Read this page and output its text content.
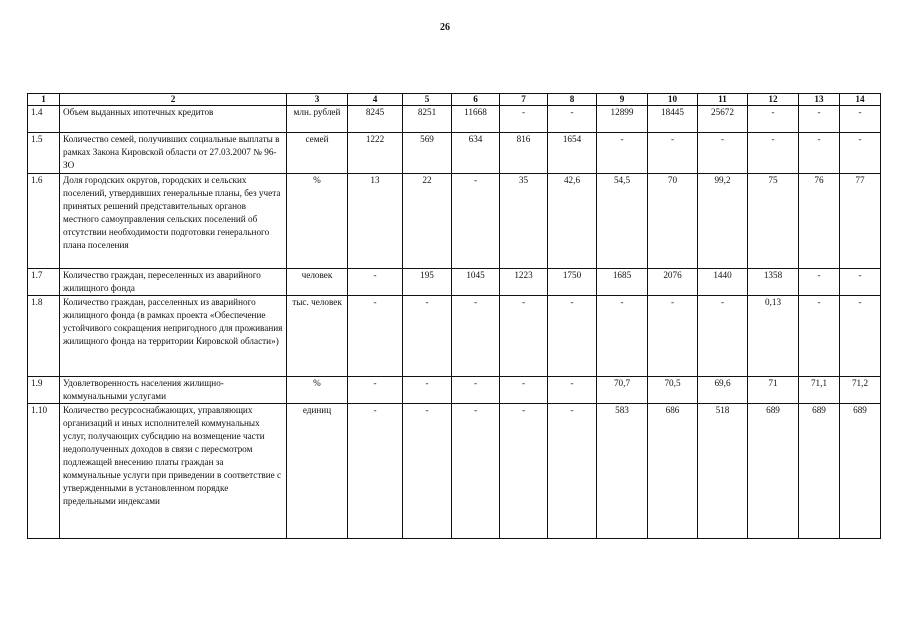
26
1	2	3	4	5	6	7	8	9	10	11	12	13	14
1.4	Объем выданных ипотечных кредитов	млн. рублей	8245	8251	11668	-	-	12899	18445	25672	-	-	-
1.5	Количество семей, получивших социальные выплаты в рамках Закона Кировской области от 27.03.2007 № 96-ЗО	семей	1222	569	634	816	1654	-	-	-	-	-	-
1.6	Доля городских округов, городских и сельских поселений, утвердивших генеральные планы, без учета принятых решений представительных органов местного самоуправления сельских поселений об отсутствии необходимости подготовки генерального плана поселения	%	13	22	-	35	42,6	54,5	70	99,2	75	76	77
1.7	Количество граждан, переселенных из аварийного жилищного фонда	человек	-	195	1045	1223	1750	1685	2076	1440	1358	-	-
1.8	Количество граждан, расселенных из аварийного жилищного фонда (в рамках проекта «Обеспечение устойчивого сокращения непригодного для проживания жилищного фонда на территории Кировской области»)	тыс. человек	-	-	-	-	-	-	-	-	0,13	-	-
1.9	Удовлетворенность населения жилищно-коммунальными услугами	%	-	-	-	-	-	70,7	70,5	69,6	71	71,1	71,2
1.10	Количество ресурсоснабжающих, управляющих организаций и иных исполнителей коммунальных услуг, получающих субсидию на возмещение части недополученных доходов в связи с пересмотром подлежащей внесению платы граждан за коммунальные услуги при приведении в соответствие с утвержденными в установленном порядке предельными индексами	единиц	-	-	-	-	-	583	686	518	689	689	689
